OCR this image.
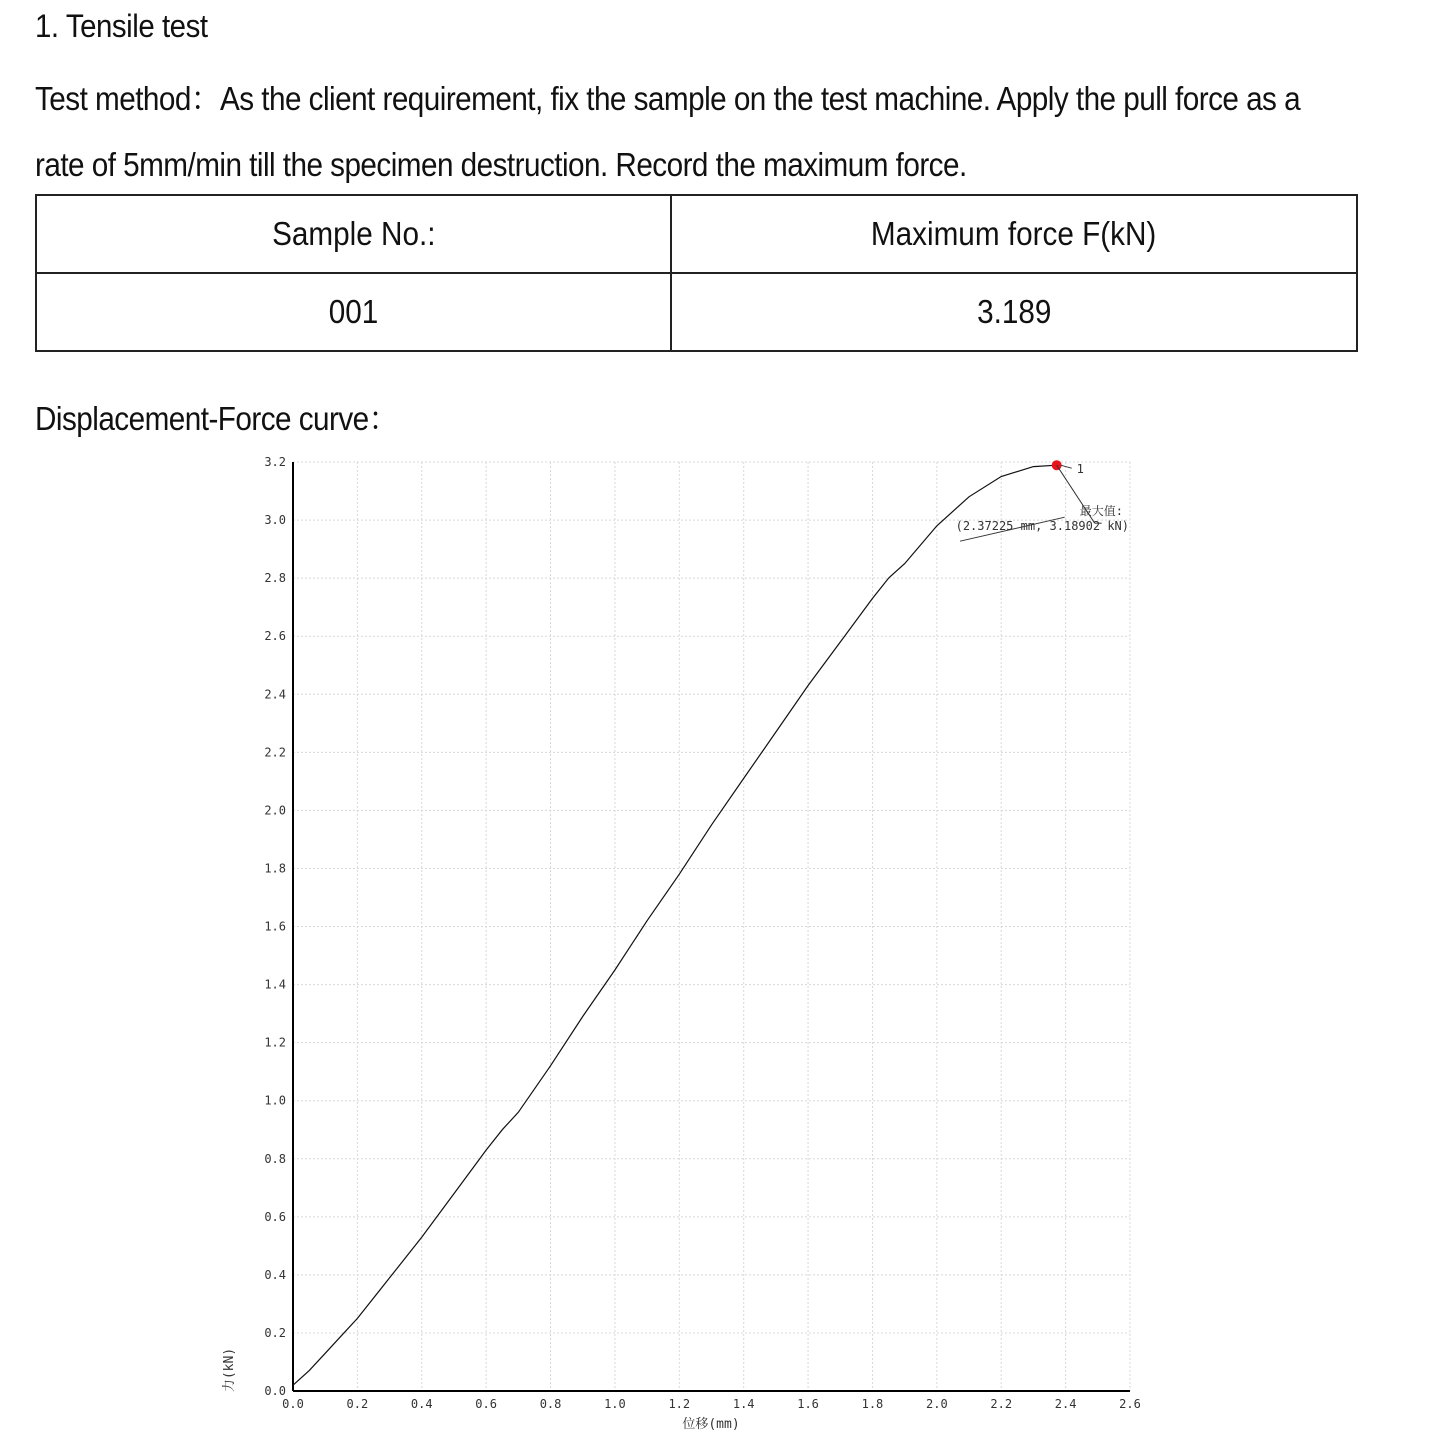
1. Tensile test
Test method：As the client requirement, fix the sample on the test machine. Apply the pull force as a
rate of 5mm/min till the specimen destruction. Record the maximum force.
Sample No.:	Maximum force F(kN)
001	3.189
Displacement-Force curve：
0.0	0.2	0.4	0.6	0.8	1.0	1.2	1.4	1.6	1.8	2.0	2.2	2.4	2.6
0.0
0.2
0.4
0.6
0.8
1.0
1.2
1.4
1.6
1.8
2.0
2.2
2.4
2.6
2.8
3.0
3.2
1
最大值:
(2.37225 mm, 3.18902 kN)
力(kN)
位移(mm)
